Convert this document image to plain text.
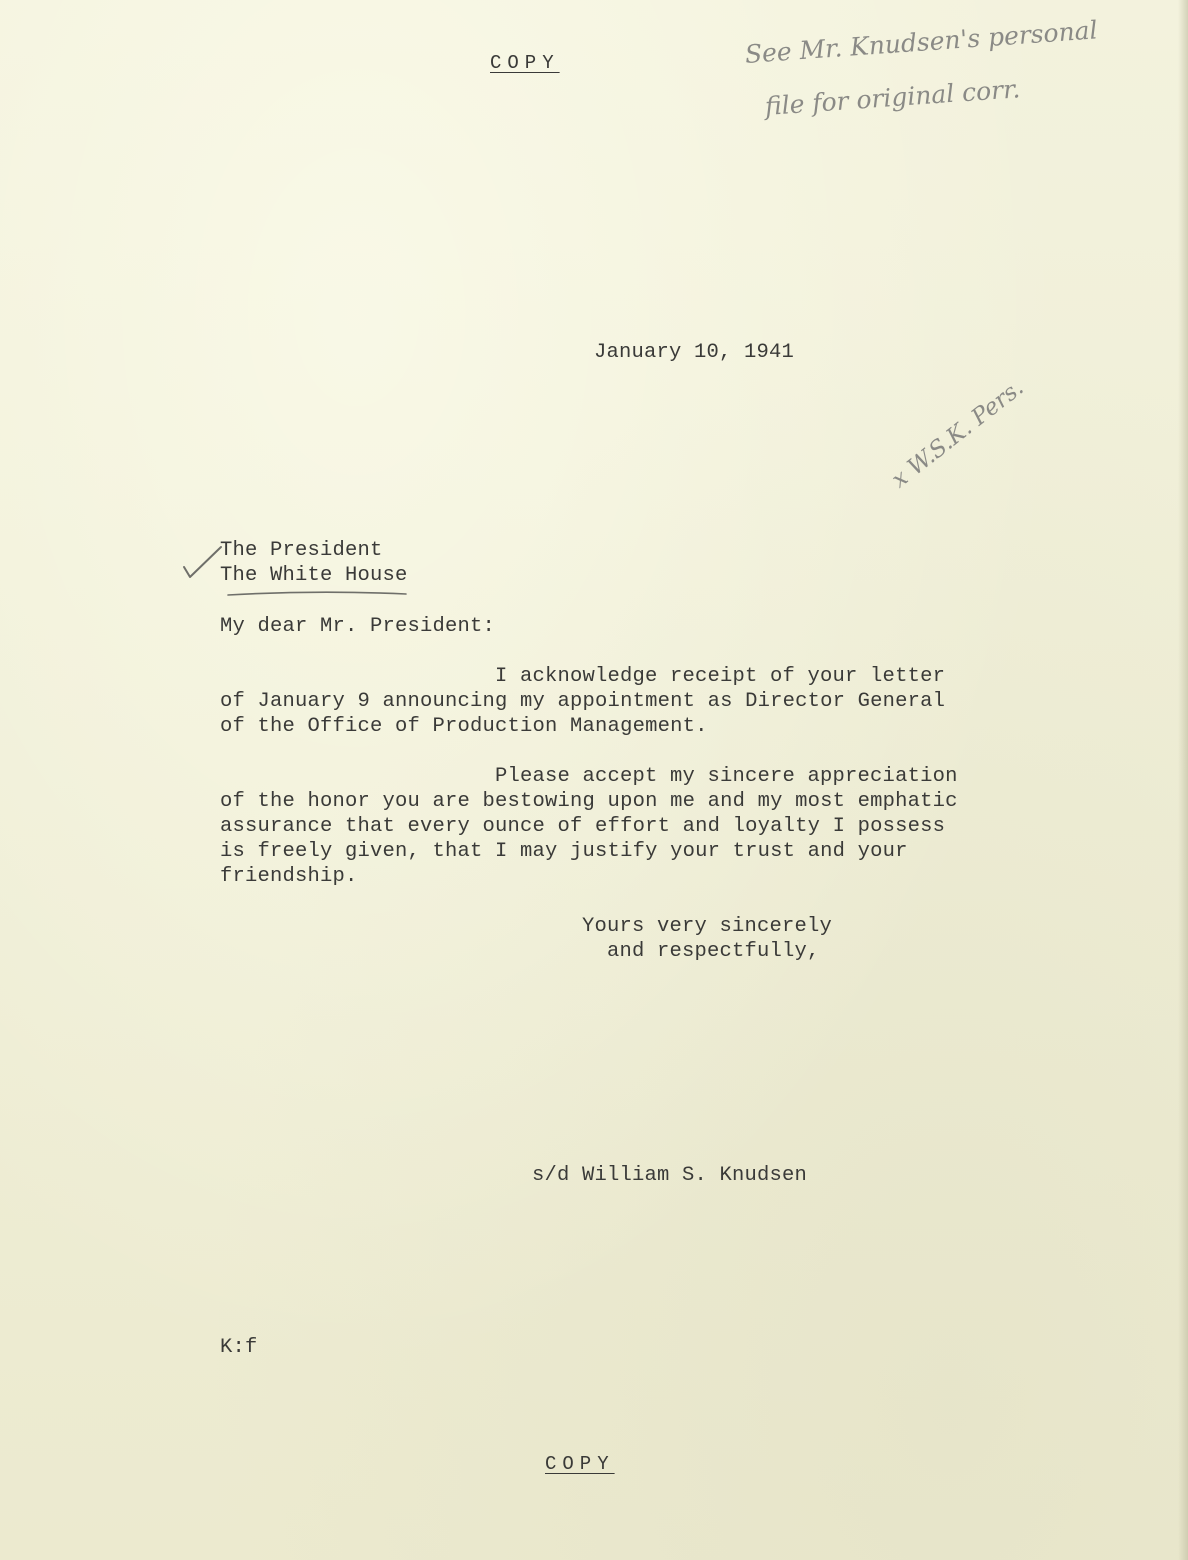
COPY	See Mr. Knudsen's personal
file for original corr.
January 10, 1941
x W.S.K. Pers.
The President
The White House
My dear Mr. President:
I acknowledge receipt of your letter
of January 9 announcing my appointment as Director General
of the Office of Production Management.
Please accept my sincere appreciation
of the honor you are bestowing upon me and my most emphatic
assurance that every ounce of effort and loyalty I possess
is freely given, that I may justify your trust and your
friendship.
Yours very sincerely
and respectfully,
s/d William S. Knudsen
K:f
COPY
